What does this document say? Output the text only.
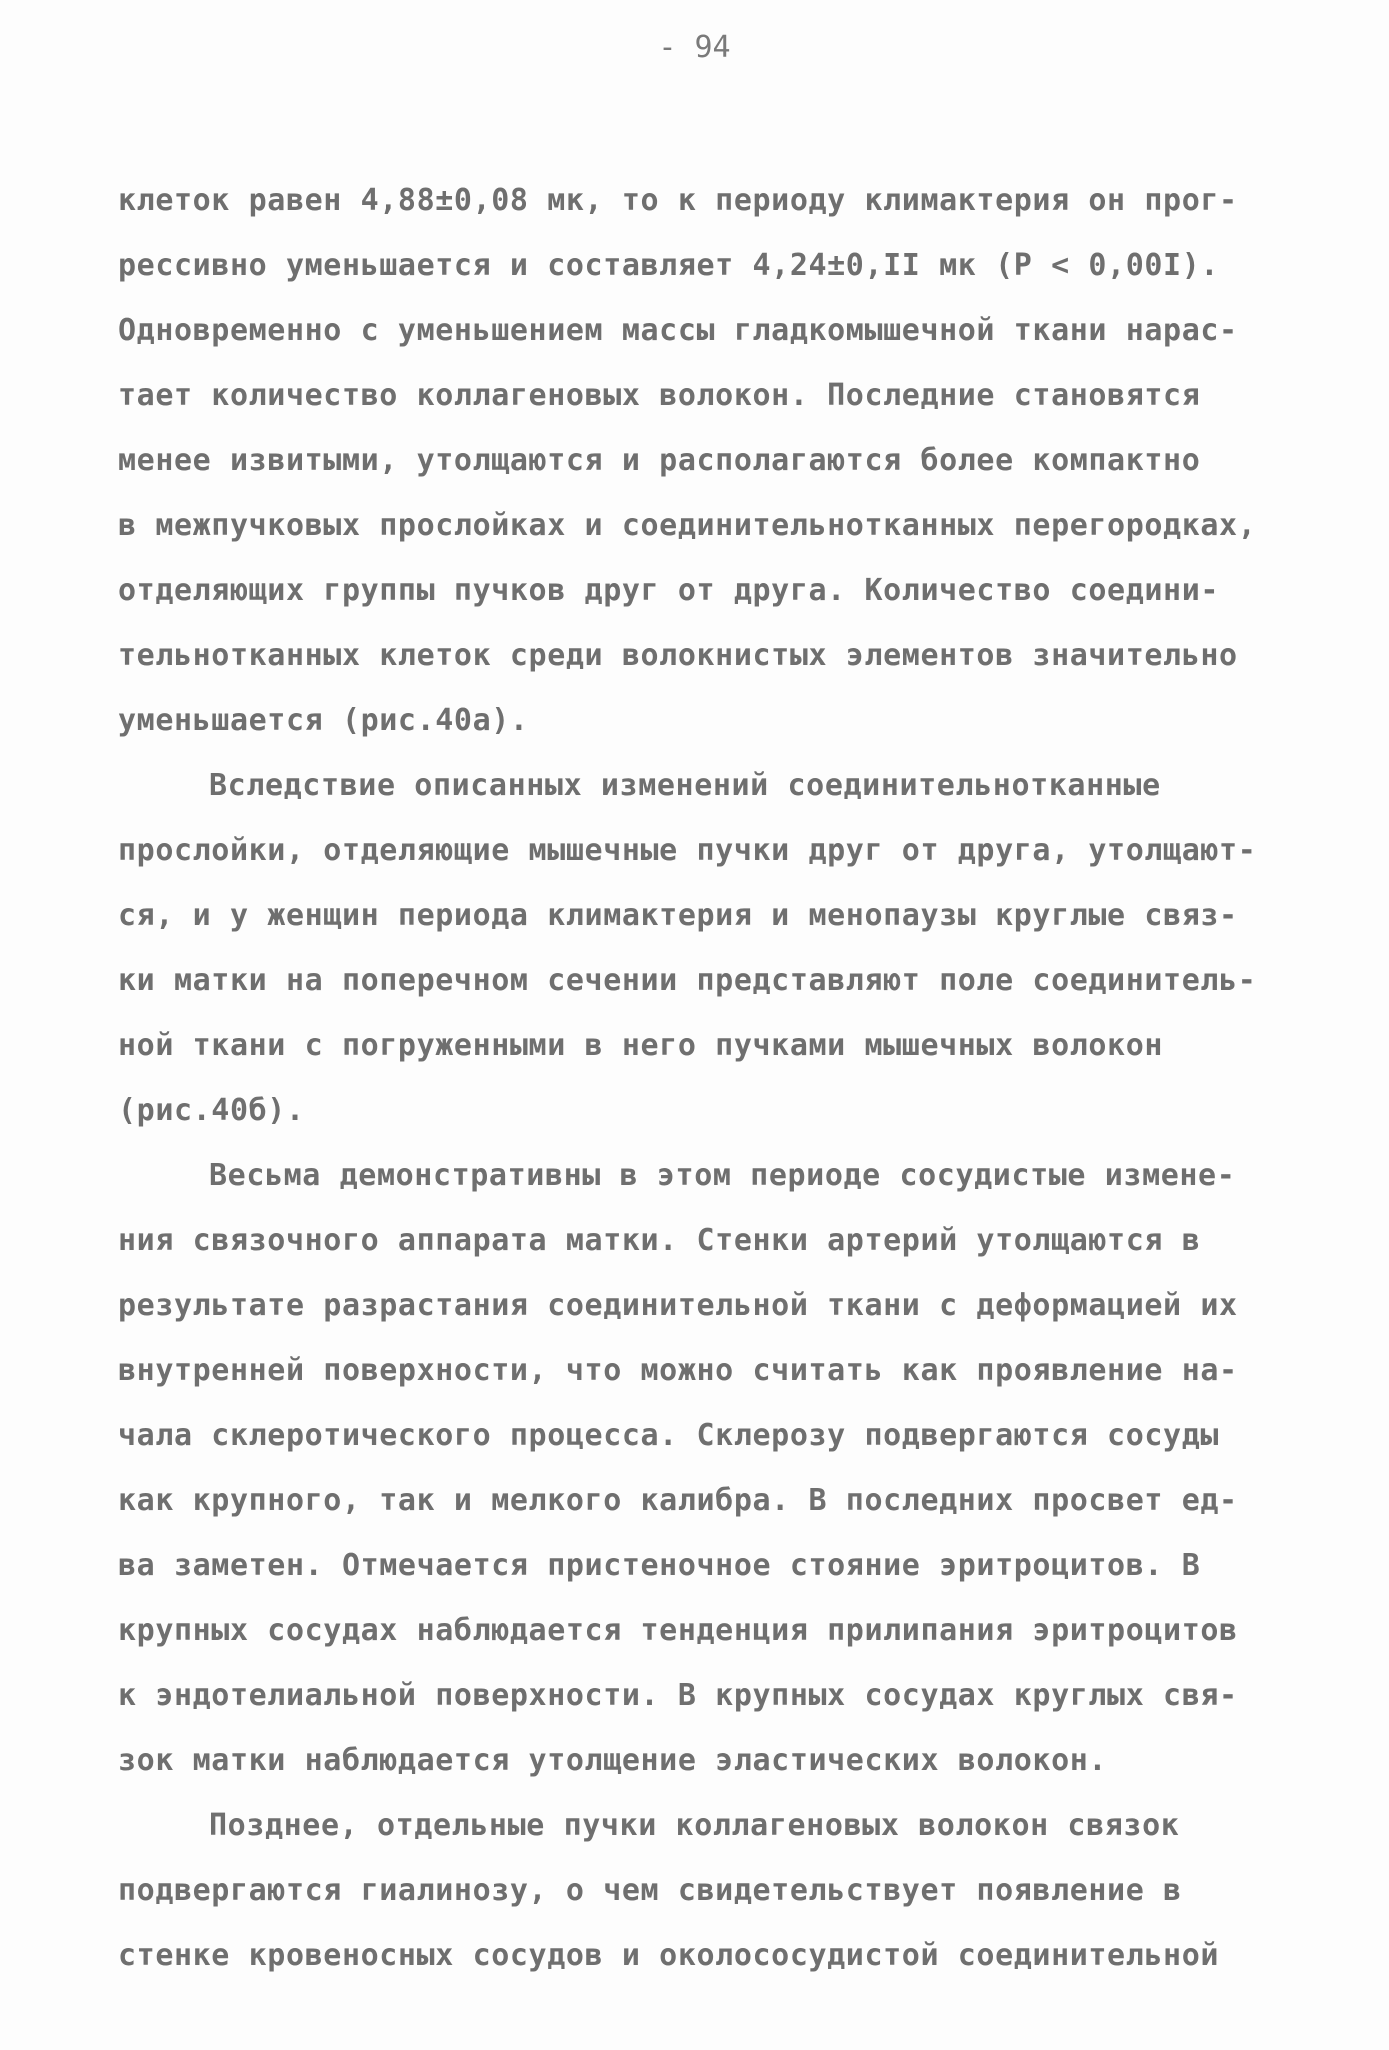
- 94
клеток равен 4,88±0,08 мк, то к периоду климактерия он прог-
рессивно уменьшается и составляет 4,24±0,II мк (Р < 0,00I).
Одновременно с уменьшением массы гладкомышечной ткани нарас-
тает количество коллагеновых волокон. Последние становятся
менее извитыми, утолщаются и располагаются более компактно
в межпучковых прослойках и соединительнотканных перегородках,
отделяющих группы пучков друг от друга. Количество соедини-
тельнотканных клеток среди волокнистых элементов значительно
уменьшается (рис.40а).
Вследствие описанных изменений соединительнотканные
прослойки, отделяющие мышечные пучки друг от друга, утолщают-
ся, и у женщин периода климактерия и менопаузы круглые связ-
ки матки на поперечном сечении представляют поле соединитель-
ной ткани с погруженными в него пучками мышечных волокон
(рис.40б).
Весьма демонстративны в этом периоде сосудистые измене-
ния связочного аппарата матки. Стенки артерий утолщаются в
результате разрастания соединительной ткани с деформацией их
внутренней поверхности, что можно считать как проявление на-
чала склеротического процесса. Склерозу подвергаются сосуды
как крупного, так и мелкого калибра. В последних просвет ед-
ва заметен. Отмечается пристеночное стояние эритроцитов. В
крупных сосудах наблюдается тенденция прилипания эритроцитов
к эндотелиальной поверхности. В крупных сосудах круглых свя-
зок матки наблюдается утолщение эластических волокон.
Позднее, отдельные пучки коллагеновых волокон связок
подвергаются гиалинозу, о чем свидетельствует появление в
стенке кровеносных сосудов и околососудистой соединительной
